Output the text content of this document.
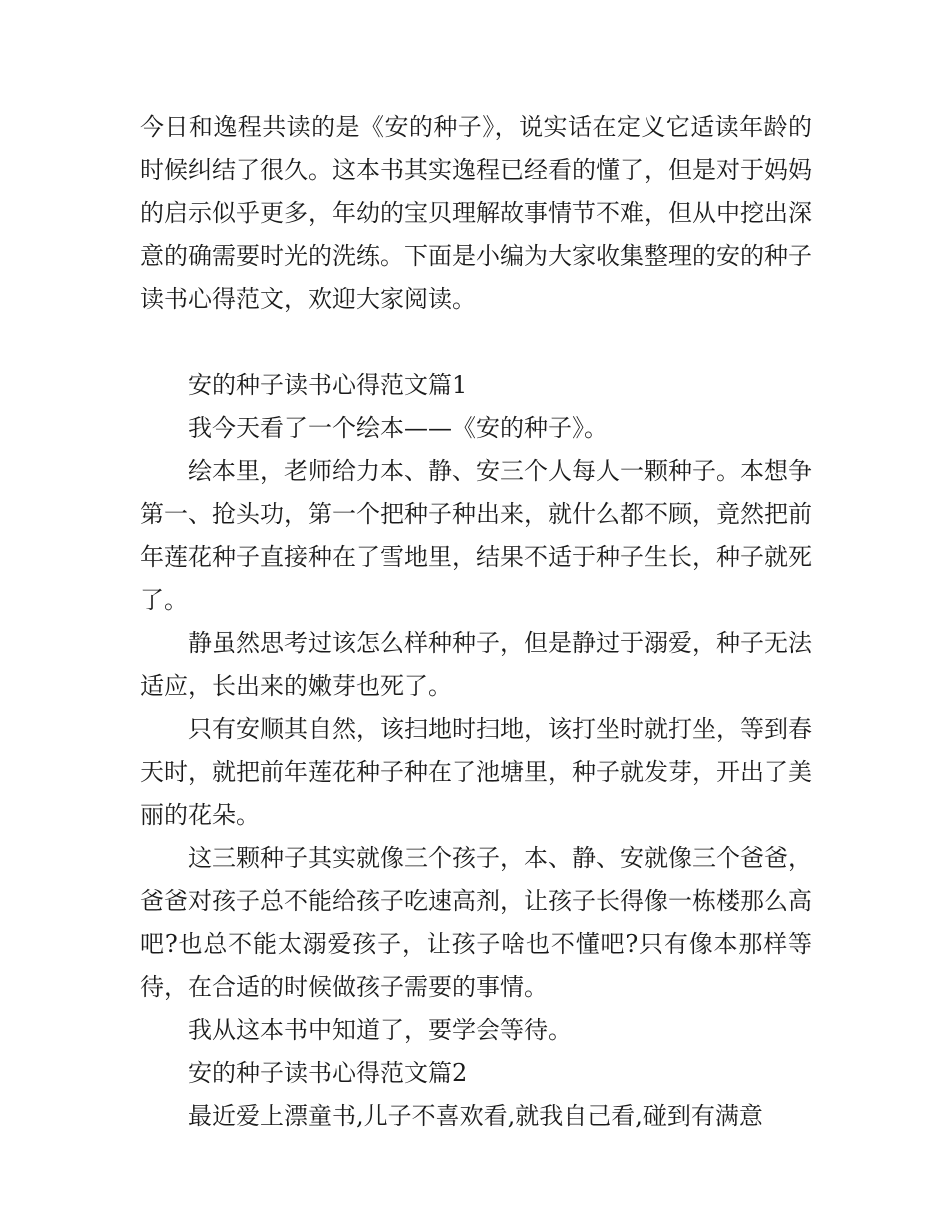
今日和逸程共读的是《安的种子》，说实话在定义它适读年龄的时候纠结了很久。这本书其实逸程已经看的懂了，但是对于妈妈的启示似乎更多，年幼的宝贝理解故事情节不难，但从中挖出深意的确需要时光的洗练。下面是小编为大家收集整理的安的种子读书心得范文，欢迎大家阅读。

安的种子读书心得范文篇1

我今天看了一个绘本——《安的种子》。

绘本里，老师给力本、静、安三个人每人一颗种子。本想争第一、抢头功，第一个把种子种出来，就什么都不顾，竟然把前年莲花种子直接种在了雪地里，结果不适于种子生长，种子就死了。

静虽然思考过该怎么样种种子，但是静过于溺爱，种子无法适应，长出来的嫩芽也死了。

只有安顺其自然，该扫地时扫地，该打坐时就打坐，等到春天时，就把前年莲花种子种在了池塘里，种子就发芽，开出了美丽的花朵。

这三颗种子其实就像三个孩子，本、静、安就像三个爸爸，爸爸对孩子总不能给孩子吃速高剂，让孩子长得像一栋楼那么高吧?也总不能太溺爱孩子，让孩子啥也不懂吧?只有像本那样等待，在合适的时候做孩子需要的事情。

我从这本书中知道了，要学会等待。

安的种子读书心得范文篇2

最近爱上漂童书,儿子不喜欢看,就我自己看,碰到有满意
